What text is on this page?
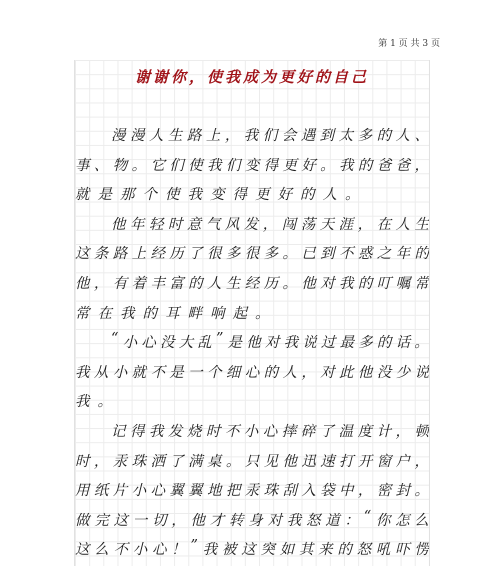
第 1 页 共 3 页
谢谢你，使我成为更好的自己
漫 漫 人 生 路 上 ， 我 们 会 遇 到 太 多 的 人 、
事 、 物 。 它 们 使 我 们 变 得 更 好 。 我 的 爸 爸 ，
就是那个使我变得更好的人。
他 年 轻 时 意 气 风 发 ， 闯 荡 天 涯 ， 在 人 生
这 条 路 上 经 历 了 很 多 很 多 。 已 到 不 惑 之 年 的
他 ， 有 着 丰 富 的 人 生 经 历 。 他 对 我 的 叮 嘱 常
常在我的耳畔响起。
“ 小 心 没 大 乱 ” 是 他 对 我 说 过 最 多 的 话 。
我 从 小 就 不 是 一 个 细 心 的 人 ， 对 此 他 没 少 说
我。
记 得 我 发 烧 时 不 小 心 摔 碎 了 温 度 计 ， 顿
时 ， 汞 珠 洒 了 满 桌 。 只 见 他 迅 速 打 开 窗 户 ，
用 纸 片 小 心 翼 翼 地 把 汞 珠 刮 入 袋 中 ， 密 封 。
做 完 这 一 切 ， 他 才 转 身 对 我 怒 道 ： “ 你 怎 么
这 么 不 小 心 ！ ” 我 被 这 突 如 其 来 的 怒 吼 吓 愣
